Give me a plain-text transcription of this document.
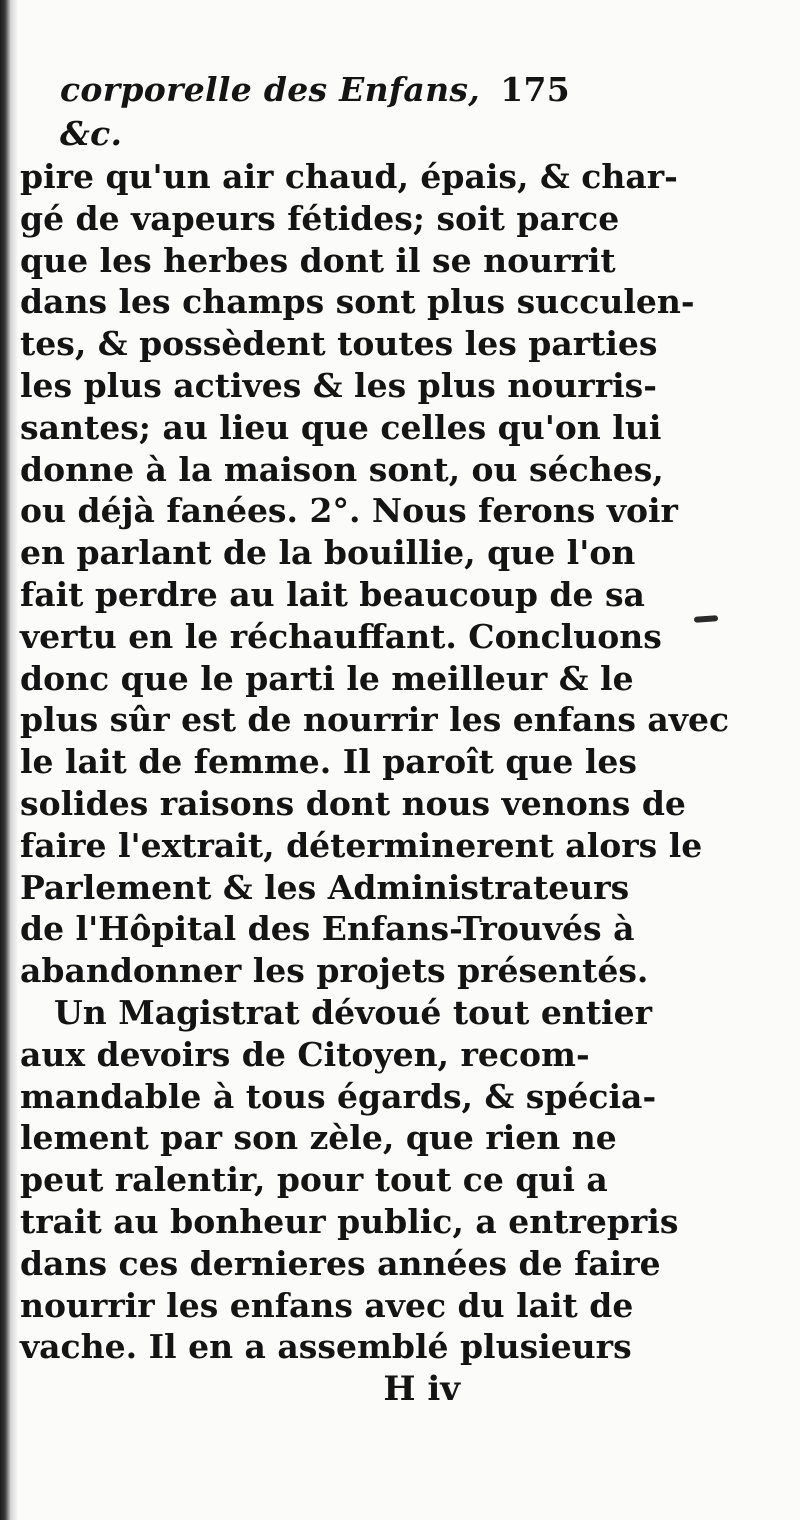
corporelle des Enfans, &c.
175
pire qu'un air chaud, épais, & char-
gé de vapeurs fétides; soit parce
que les herbes dont il se nourrit
dans les champs sont plus succulen-
tes, & possèdent toutes les parties
les plus actives & les plus nourris-
santes; au lieu que celles qu'on lui
donne à la maison sont, ou séches,
ou déjà fanées. 2°. Nous ferons voir
en parlant de la bouillie, que l'on
fait perdre au lait beaucoup de sa
vertu en le réchauffant. Concluons
donc que le parti le meilleur & le
plus sûr est de nourrir les enfans avec
le lait de femme. Il paroît que les
solides raisons dont nous venons de
faire l'extrait, déterminerent alors le
Parlement & les Administrateurs
de l'Hôpital des Enfans-Trouvés à
abandonner les projets présentés.
Un Magistrat dévoué tout entier
aux devoirs de Citoyen, recom-
mandable à tous égards, & spécia-
lement par son zèle, que rien ne
peut ralentir, pour tout ce qui a
trait au bonheur public, a entrepris
dans ces dernieres années de faire
nourrir les enfans avec du lait de
vache. Il en a assemblé plusieurs
H iv
